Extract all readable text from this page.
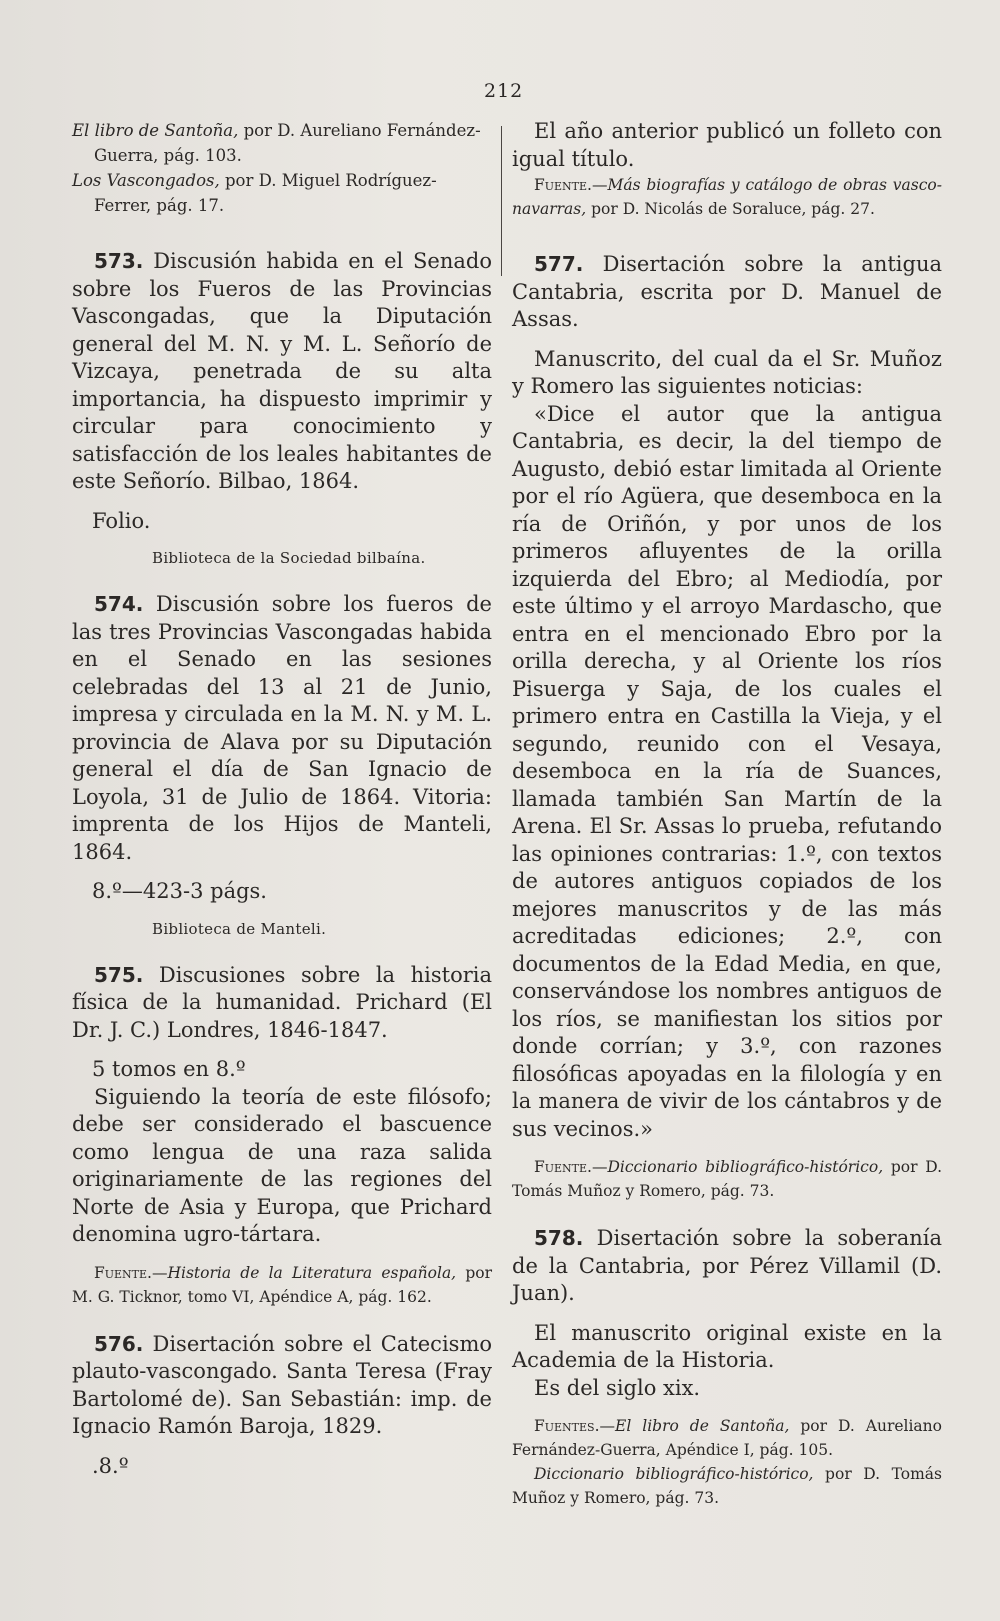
212

El libro de Santoña, por D. Aureliano Fernández-Guerra, pág. 103.

Los Vascongados, por D. Miguel Rodríguez-Ferrer, pág. 17.

573. Discusión habida en el Senado sobre los Fueros de las Provincias Vascongadas, que la Diputación general del M. N. y M. L. Señorío de Vizcaya, penetrada de su alta importancia, ha dispuesto imprimir y circular para conocimiento y satisfacción de los leales habitantes de este Señorío. Bilbao, 1864.

Folio.

Biblioteca de la Sociedad bilbaína.

574. Discusión sobre los fueros de las tres Provincias Vascongadas habida en el Senado en las sesiones celebradas del 13 al 21 de Junio, impresa y circulada en la M. N. y M. L. provincia de Alava por su Diputación general el día de San Ignacio de Loyola, 31 de Julio de 1864. Vitoria: imprenta de los Hijos de Manteli, 1864.

8.º—423-3 págs.

Biblioteca de Manteli.

575. Discusiones sobre la historia física de la humanidad. Prichard (El Dr. J. C.) Londres, 1846-1847.

5 tomos en 8.º

Siguiendo la teoría de este filósofo; debe ser considerado el bascuence como lengua de una raza salida originariamente de las regiones del Norte de Asia y Europa, que Prichard denomina ugro-tártara.

Fuente.—Historia de la Literatura española, por M. G. Ticknor, tomo VI, Apéndice A, pág. 162.

576. Disertación sobre el Catecismo plauto-vascongado. Santa Teresa (Fray Bartolomé de). San Sebastián: imp. de Ignacio Ramón Baroja, 1829.

.8.º

El año anterior publicó un folleto con igual título.

Fuente.—Más biografías y catálogo de obras vasco-navarras, por D. Nicolás de Soraluce, pág. 27.

577. Disertación sobre la antigua Cantabria, escrita por D. Manuel de Assas.

Manuscrito, del cual da el Sr. Muñoz y Romero las siguientes noticias:

«Dice el autor que la antigua Cantabria, es decir, la del tiempo de Augusto, debió estar limitada al Oriente por el río Agüera, que desemboca en la ría de Oriñón, y por unos de los primeros afluyentes de la orilla izquierda del Ebro; al Mediodía, por este último y el arroyo Mardascho, que entra en el mencionado Ebro por la orilla derecha, y al Oriente los ríos Pisuerga y Saja, de los cuales el primero entra en Castilla la Vieja, y el segundo, reunido con el Vesaya, desemboca en la ría de Suances, llamada también San Martín de la Arena. El Sr. Assas lo prueba, refutando las opiniones contrarias: 1.º, con textos de autores antiguos copiados de los mejores manuscritos y de las más acreditadas ediciones; 2.º, con documentos de la Edad Media, en que, conservándose los nombres antiguos de los ríos, se manifiestan los sitios por donde corrían; y 3.º, con razones filosóficas apoyadas en la filología y en la manera de vivir de los cántabros y de sus vecinos.»

Fuente.—Diccionario bibliográfico-histórico, por D. Tomás Muñoz y Romero, pág. 73.

578. Disertación sobre la soberanía de la Cantabria, por Pérez Villamil (D. Juan).

El manuscrito original existe en la Academia de la Historia.

Es del siglo xix.

Fuentes.—El libro de Santoña, por D. Aureliano Fernández-Guerra, Apéndice I, pág. 105.

Diccionario bibliográfico-histórico, por D. Tomás Muñoz y Romero, pág. 73.
